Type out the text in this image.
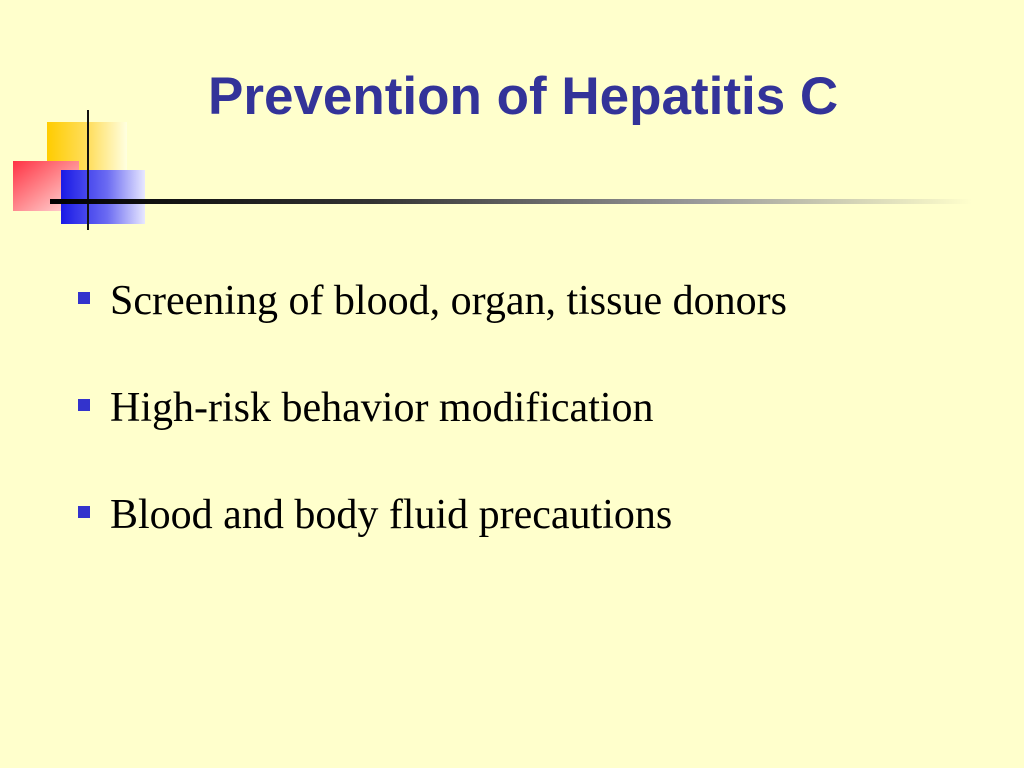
Prevention of Hepatitis C
Screening of blood, organ, tissue donors
High-risk behavior modification
Blood and body fluid precautions
